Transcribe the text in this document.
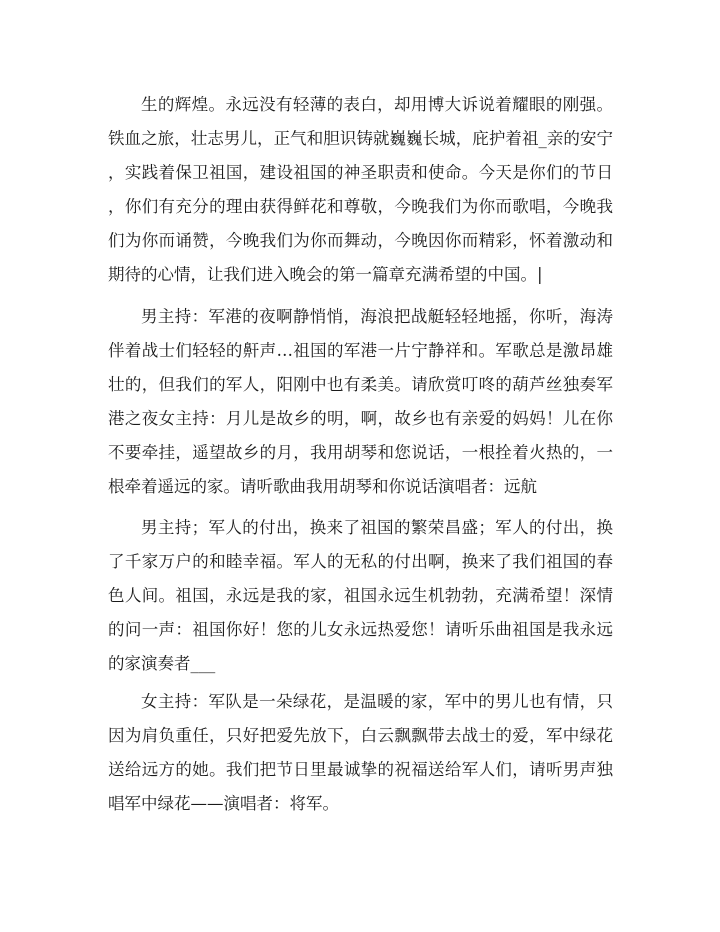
生的辉煌。永远没有轻薄的表白，却用博大诉说着耀眼的刚强。
铁血之旅，壮志男儿，正气和胆识铸就巍巍长城，庇护着祖_亲的安宁
，实践着保卫祖国，建设祖国的神圣职责和使命。今天是你们的节日
，你们有充分的理由获得鲜花和尊敬，今晚我们为你而歌唱，今晚我
们为你而诵赞，今晚我们为你而舞动，今晚因你而精彩，怀着激动和
期待的心情，让我们进入晚会的第一篇章充满希望的中国。|

男主持：军港的夜啊静悄悄，海浪把战艇轻轻地摇，你听，海涛
伴着战士们轻轻的鼾声…祖国的军港一片宁静祥和。军歌总是激昂雄
壮的，但我们的军人，阳刚中也有柔美。请欣赏叮咚的葫芦丝独奏军
港之夜女主持：月儿是故乡的明，啊，故乡也有亲爱的妈妈！儿在你
不要牵挂，遥望故乡的月，我用胡琴和您说话，一根拴着火热的，一
根牵着遥远的家。请听歌曲我用胡琴和你说话演唱者：远航

男主持；军人的付出，换来了祖国的繁荣昌盛；军人的付出，换
了千家万户的和睦幸福。军人的无私的付出啊，换来了我们祖国的春
色人间。祖国，永远是我的家，祖国永远生机勃勃，充满希望！深情
的问一声：祖国你好！您的儿女永远热爱您！请听乐曲祖国是我永远
的家演奏者___

女主持：军队是一朵绿花，是温暖的家，军中的男儿也有情，只
因为肩负重任，只好把爱先放下，白云飘飘带去战士的爱，军中绿花
送给远方的她。我们把节日里最诚挚的祝福送给军人们，请听男声独
唱军中绿花——演唱者：将军。
